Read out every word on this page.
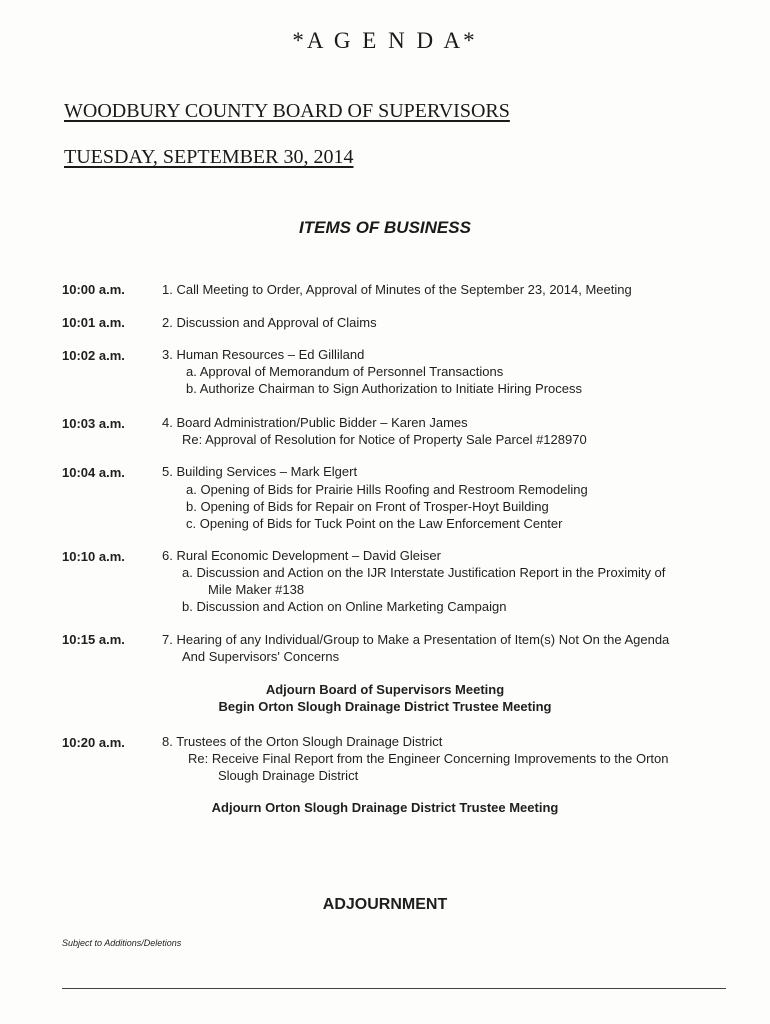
*A G E N D A*
WOODBURY COUNTY BOARD OF SUPERVISORS
TUESDAY, SEPTEMBER 30, 2014
ITEMS OF BUSINESS
10:00 a.m.	1. Call Meeting to Order, Approval of Minutes of the September 23, 2014, Meeting
10:01 a.m.	2. Discussion and Approval of Claims
10:02 a.m.	3. Human Resources – Ed Gilliland
a. Approval of Memorandum of Personnel Transactions
b. Authorize Chairman to Sign Authorization to Initiate Hiring Process
10:03 a.m.	4. Board Administration/Public Bidder – Karen James
Re: Approval of Resolution for Notice of Property Sale Parcel #128970
10:04 a.m.	5. Building Services – Mark Elgert
a. Opening of Bids for Prairie Hills Roofing and Restroom Remodeling
b. Opening of Bids for Repair on Front of Trosper-Hoyt Building
c. Opening of Bids for Tuck Point on the Law Enforcement Center
10:10 a.m.	6. Rural Economic Development – David Gleiser
a. Discussion and Action on the IJR Interstate Justification Report in the Proximity of
Mile Maker #138
b. Discussion and Action on Online Marketing Campaign
10:15 a.m.	7. Hearing of any Individual/Group to Make a Presentation of Item(s) Not On the Agenda
And Supervisors' Concerns
Adjourn Board of Supervisors Meeting
Begin Orton Slough Drainage District Trustee Meeting
10:20 a.m.	8. Trustees of the Orton Slough Drainage District
Re: Receive Final Report from the Engineer Concerning Improvements to the Orton
Slough Drainage District
Adjourn Orton Slough Drainage District Trustee Meeting
ADJOURNMENT
Subject to Additions/Deletions
